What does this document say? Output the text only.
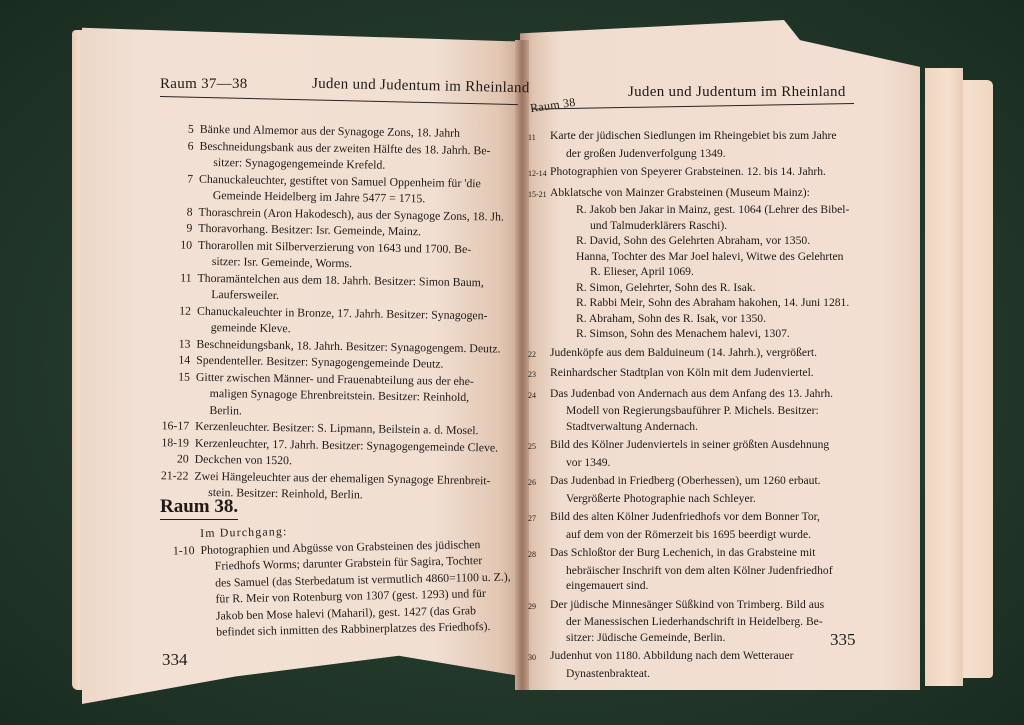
Raum 37—38	Juden und Judentum im Rheinland
5 Bänke und Almemor aus der Synagoge Zons, 18. Jahrh
6 Beschneidungsbank aus der zweiten Hälfte des 18. Jahrh. Be-
sitzer: Synagogengemeinde Krefeld.
7 Chanuckaleuchter, gestiftet von Samuel Oppenheim für 'die
Gemeinde Heidelberg im Jahre 5477 = 1715.
8 Thoraschrein (Aron Hakodesch), aus der Synagoge Zons, 18. Jh.
9 Thoravorhang. Besitzer: Isr. Gemeinde, Mainz.
10 Thorarollen mit Silberverzierung von 1643 und 1700. Be-
sitzer: Isr. Gemeinde, Worms.
11 Thoramäntelchen aus dem 18. Jahrh. Besitzer: Simon Baum,
Laufersweiler.
12 Chanuckaleuchter in Bronze, 17. Jahrh. Besitzer: Synagogen-
gemeinde Kleve.
13 Beschneidungsbank, 18. Jahrh. Besitzer: Synagogengem. Deutz.
14 Spendenteller. Besitzer: Synagogengemeinde Deutz.
15 Gitter zwischen Männer- und Frauenabteilung aus der ehe-
maligen Synagoge Ehrenbreitstein. Besitzer: Reinhold,
Berlin.
16-17 Kerzenleuchter. Besitzer: S. Lipmann, Beilstein a. d. Mosel.
18-19 Kerzenleuchter, 17. Jahrh. Besitzer: Synagogengemeinde Cleve.
20 Deckchen von 1520.
21-22 Zwei Hängeleuchter aus der ehemaligen Synagoge Ehrenbreit-
stein. Besitzer: Reinhold, Berlin.
Raum 38.
Im Durchgang:
1-10 Photographien und Abgüsse von Grabsteinen des jüdischen
Friedhofs Worms; darunter Grabstein für Sagira, Tochter
des Samuel (das Sterbedatum ist vermutlich 4860=1100 u. Z.),
für R. Meir von Rotenburg von 1307 (gest. 1293) und für
Jakob ben Mose halevi (Maharil), gest. 1427 (das Grab
befindet sich inmitten des Rabbinerplatzes des Friedhofs).
334
Raum 38
Juden und Judentum im Rheinland
11	Karte der jüdischen Siedlungen im Rheingebiet bis zum Jahre
der großen Judenverfolgung 1349.
12-14 Photographien von Speyerer Grabsteinen. 12. bis 14. Jahrh.
15-21 Abklatsche von Mainzer Grabsteinen (Museum Mainz):
R. Jakob ben Jakar in Mainz, gest. 1064 (Lehrer des Bibel-
und Talmuderklärers Raschi).
R. David, Sohn des Gelehrten Abraham, vor 1350.
Hanna, Tochter des Mar Joel halevi, Witwe des Gelehrten
R. Elieser, April 1069.
R. Simon, Gelehrter, Sohn des R. Isak.
R. Rabbi Meir, Sohn des Abraham hakohen, 14. Juni 1281.
R. Abraham, Sohn des R. Isak, vor 1350.
R. Simson, Sohn des Menachem halevi, 1307.
22	Judenköpfe aus dem Balduineum (14. Jahrh.), vergrößert.
23	Reinhardscher Stadtplan von Köln mit dem Judenviertel.
24	Das Judenbad von Andernach aus dem Anfang des 13. Jahrh.
Modell von Regierungsbauführer P. Michels. Besitzer:
Stadtverwaltung Andernach.
25	Bild des Kölner Judenviertels in seiner größten Ausdehnung
vor 1349.
26	Das Judenbad in Friedberg (Oberhessen), um 1260 erbaut.
Vergrößerte Photographie nach Schleyer.
27	Bild des alten Kölner Judenfriedhofs vor dem Bonner Tor,
auf dem von der Römerzeit bis 1695 beerdigt wurde.
28	Das Schloßtor der Burg Lechenich, in das Grabsteine mit
hebräischer Inschrift von dem alten Kölner Judenfriedhof
eingemauert sind.
29	Der jüdische Minnesänger Süßkind von Trimberg. Bild aus
der Manessischen Liederhandschrift in Heidelberg. Be-
sitzer: Jüdische Gemeinde, Berlin.
30	Judenhut von 1180. Abbildung nach dem Wetterauer
Dynastenbrakteat.
335
